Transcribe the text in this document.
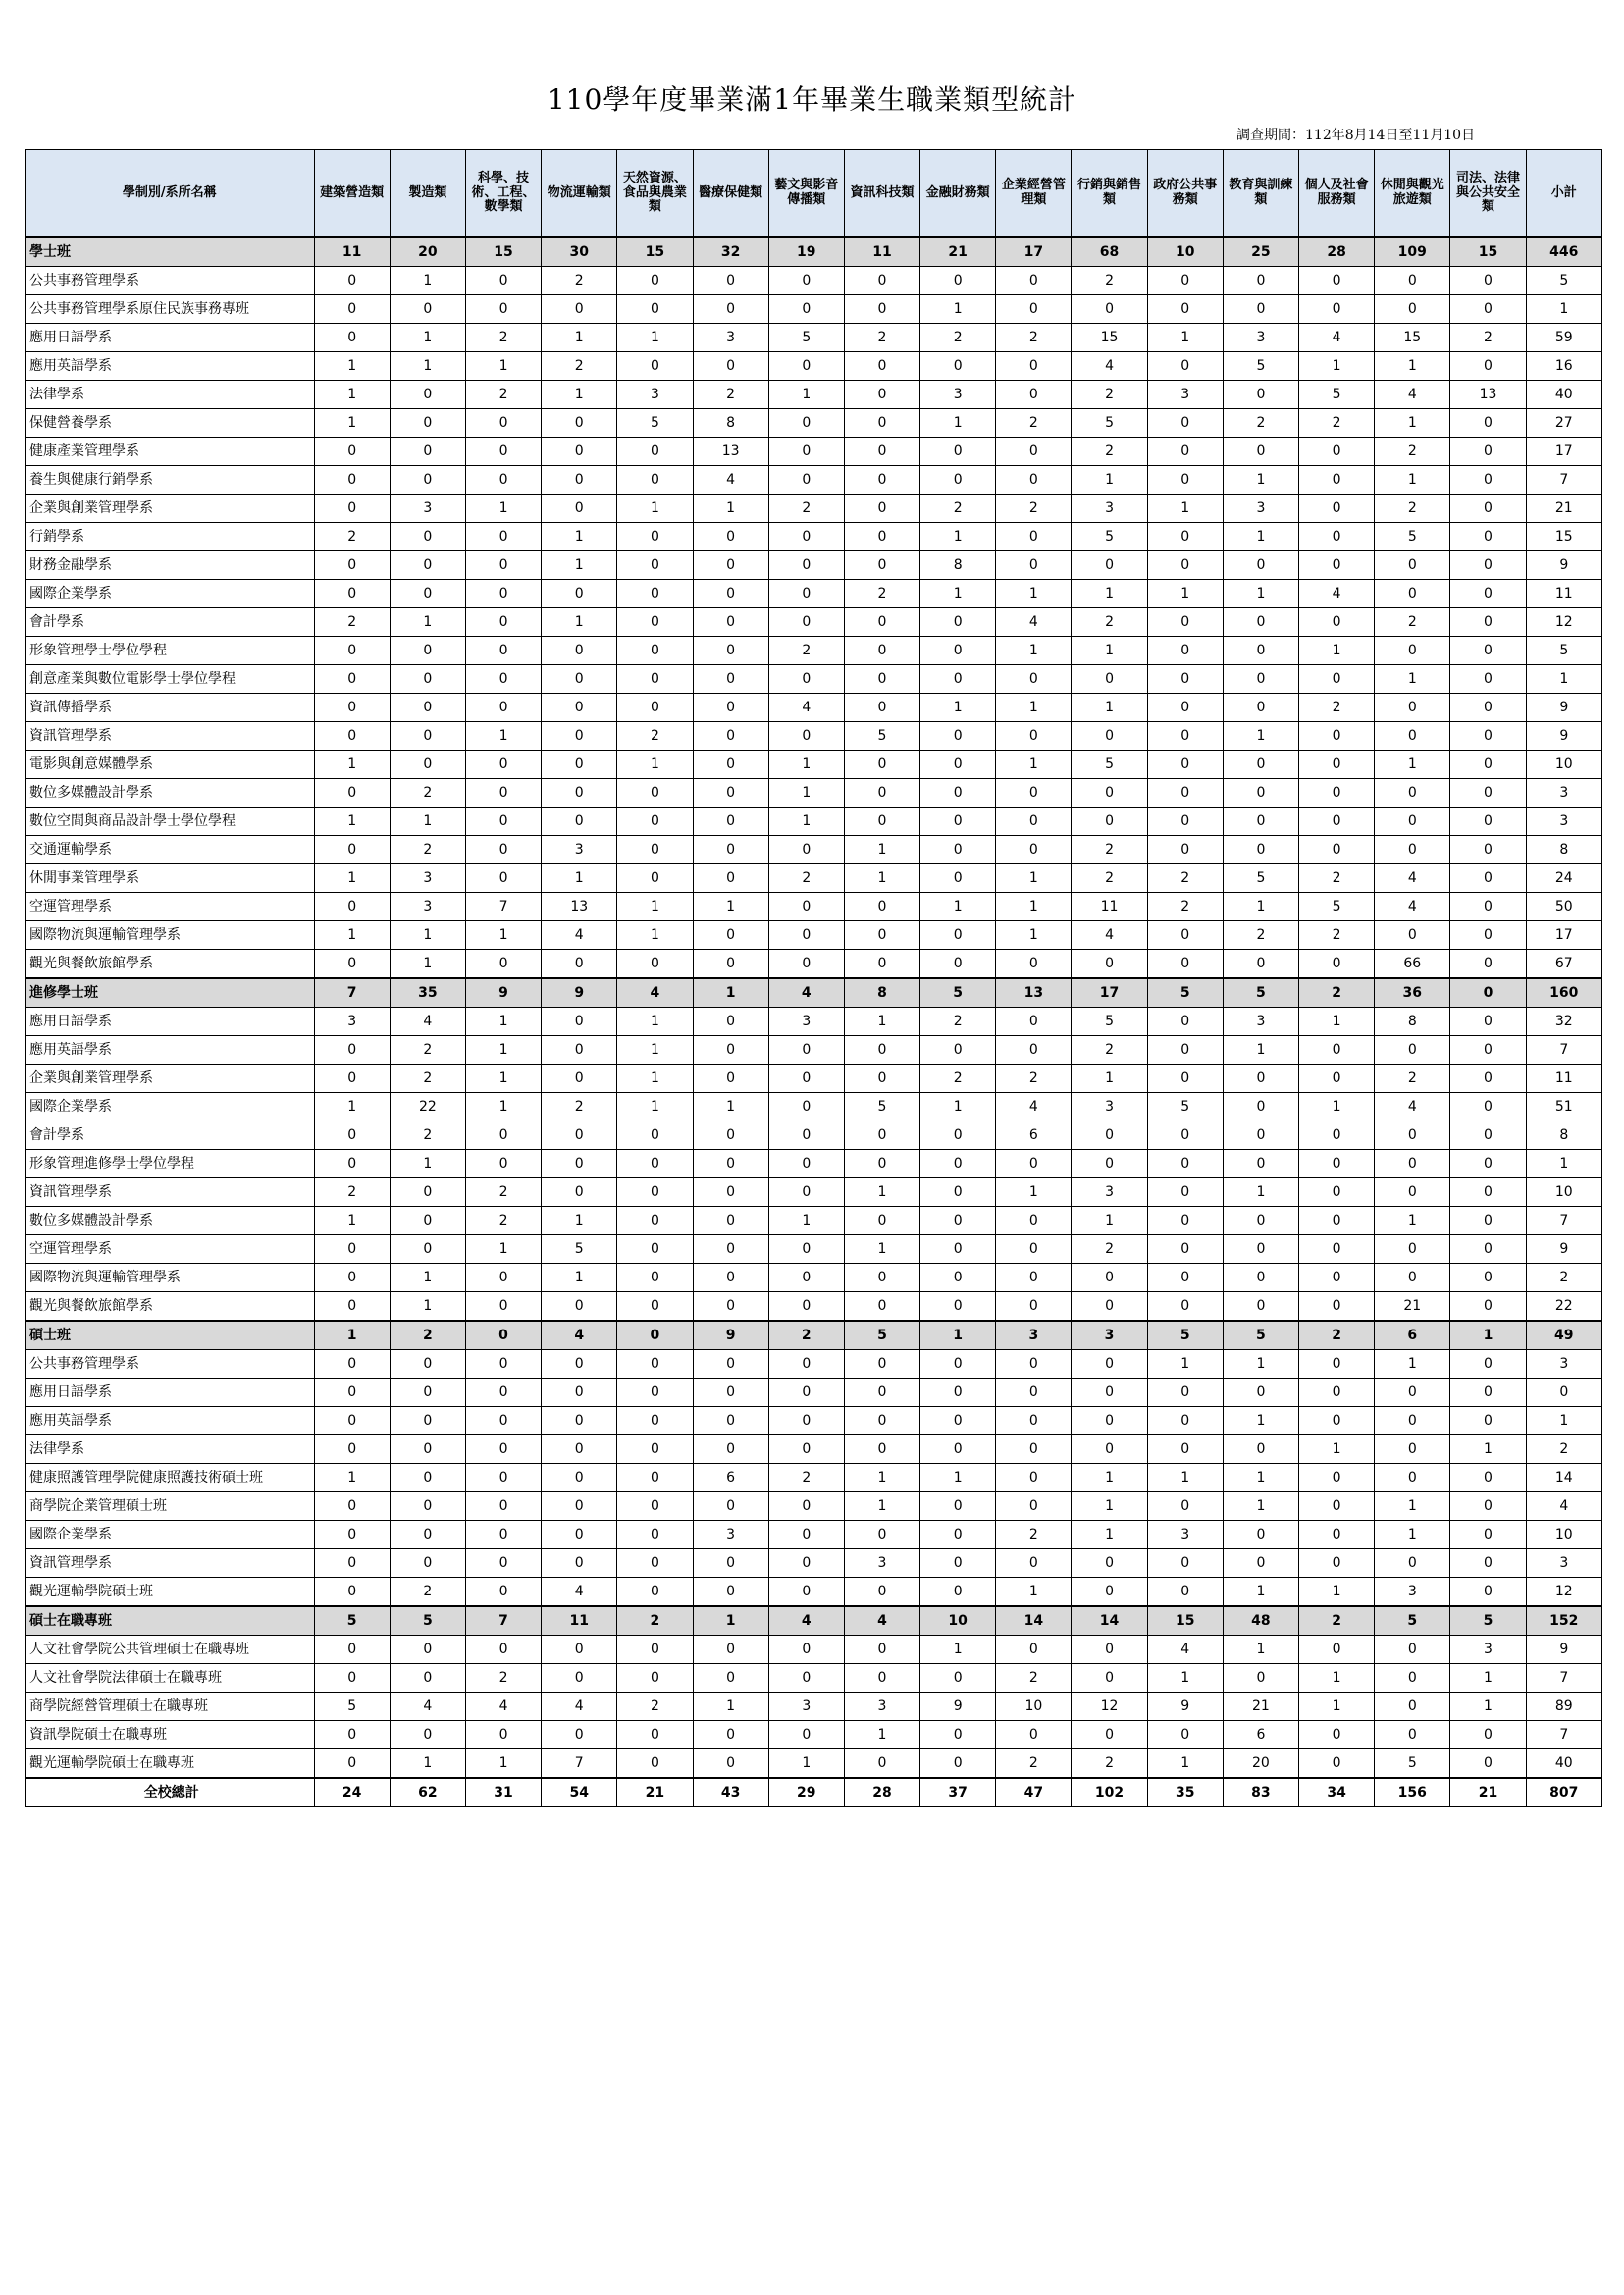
110學年度畢業滿1年畢業生職業類型統計
調查期間：112年8月14日至11月10日
學制別/系所名稱	建築營造類	製造類	科學、技術、工程、數學類	物流運輸類	天然資源、食品與農業類	醫療保健類	藝文與影音傳播類	資訊科技類	金融財務類	企業經營管理類	行銷與銷售類	政府公共事務類	教育與訓練類	個人及社會服務類	休閒與觀光旅遊類	司法、法律與公共安全類	小計
學士班	11	20	15	30	15	32	19	11	21	17	68	10	25	28	109	15	446
公共事務管理學系	0	1	0	2	0	0	0	0	0	0	2	0	0	0	0	0	5
公共事務管理學系原住民族事務專班	0	0	0	0	0	0	0	0	1	0	0	0	0	0	0	0	1
應用日語學系	0	1	2	1	1	3	5	2	2	2	15	1	3	4	15	2	59
應用英語學系	1	1	1	2	0	0	0	0	0	0	4	0	5	1	1	0	16
法律學系	1	0	2	1	3	2	1	0	3	0	2	3	0	5	4	13	40
保健營養學系	1	0	0	0	5	8	0	0	1	2	5	0	2	2	1	0	27
健康產業管理學系	0	0	0	0	0	13	0	0	0	0	2	0	0	0	2	0	17
養生與健康行銷學系	0	0	0	0	0	4	0	0	0	0	1	0	1	0	1	0	7
企業與創業管理學系	0	3	1	0	1	1	2	0	2	2	3	1	3	0	2	0	21
行銷學系	2	0	0	1	0	0	0	0	1	0	5	0	1	0	5	0	15
財務金融學系	0	0	0	1	0	0	0	0	8	0	0	0	0	0	0	0	9
國際企業學系	0	0	0	0	0	0	0	2	1	1	1	1	1	4	0	0	11
會計學系	2	1	0	1	0	0	0	0	0	4	2	0	0	0	2	0	12
形象管理學士學位學程	0	0	0	0	0	0	2	0	0	1	1	0	0	1	0	0	5
創意產業與數位電影學士學位學程	0	0	0	0	0	0	0	0	0	0	0	0	0	0	1	0	1
資訊傳播學系	0	0	0	0	0	0	4	0	1	1	1	0	0	2	0	0	9
資訊管理學系	0	0	1	0	2	0	0	5	0	0	0	0	1	0	0	0	9
電影與創意媒體學系	1	0	0	0	1	0	1	0	0	1	5	0	0	0	1	0	10
數位多媒體設計學系	0	2	0	0	0	0	1	0	0	0	0	0	0	0	0	0	3
數位空間與商品設計學士學位學程	1	1	0	0	0	0	1	0	0	0	0	0	0	0	0	0	3
交通運輸學系	0	2	0	3	0	0	0	1	0	0	2	0	0	0	0	0	8
休閒事業管理學系	1	3	0	1	0	0	2	1	0	1	2	2	5	2	4	0	24
空運管理學系	0	3	7	13	1	1	0	0	1	1	11	2	1	5	4	0	50
國際物流與運輸管理學系	1	1	1	4	1	0	0	0	0	1	4	0	2	2	0	0	17
觀光與餐飲旅館學系	0	1	0	0	0	0	0	0	0	0	0	0	0	0	66	0	67
進修學士班	7	35	9	9	4	1	4	8	5	13	17	5	5	2	36	0	160
應用日語學系	3	4	1	0	1	0	3	1	2	0	5	0	3	1	8	0	32
應用英語學系	0	2	1	0	1	0	0	0	0	0	2	0	1	0	0	0	7
企業與創業管理學系	0	2	1	0	1	0	0	0	2	2	1	0	0	0	2	0	11
國際企業學系	1	22	1	2	1	1	0	5	1	4	3	5	0	1	4	0	51
會計學系	0	2	0	0	0	0	0	0	0	6	0	0	0	0	0	0	8
形象管理進修學士學位學程	0	1	0	0	0	0	0	0	0	0	0	0	0	0	0	0	1
資訊管理學系	2	0	2	0	0	0	0	1	0	1	3	0	1	0	0	0	10
數位多媒體設計學系	1	0	2	1	0	0	1	0	0	0	1	0	0	0	1	0	7
空運管理學系	0	0	1	5	0	0	0	1	0	0	2	0	0	0	0	0	9
國際物流與運輸管理學系	0	1	0	1	0	0	0	0	0	0	0	0	0	0	0	0	2
觀光與餐飲旅館學系	0	1	0	0	0	0	0	0	0	0	0	0	0	0	21	0	22
碩士班	1	2	0	4	0	9	2	5	1	3	3	5	5	2	6	1	49
公共事務管理學系	0	0	0	0	0	0	0	0	0	0	0	1	1	0	1	0	3
應用日語學系	0	0	0	0	0	0	0	0	0	0	0	0	0	0	0	0	0
應用英語學系	0	0	0	0	0	0	0	0	0	0	0	0	1	0	0	0	1
法律學系	0	0	0	0	0	0	0	0	0	0	0	0	0	1	0	1	2
健康照護管理學院健康照護技術碩士班	1	0	0	0	0	6	2	1	1	0	1	1	1	0	0	0	14
商學院企業管理碩士班	0	0	0	0	0	0	0	1	0	0	1	0	1	0	1	0	4
國際企業學系	0	0	0	0	0	3	0	0	0	2	1	3	0	0	1	0	10
資訊管理學系	0	0	0	0	0	0	0	3	0	0	0	0	0	0	0	0	3
觀光運輸學院碩士班	0	2	0	4	0	0	0	0	0	1	0	0	1	1	3	0	12
碩士在職專班	5	5	7	11	2	1	4	4	10	14	14	15	48	2	5	5	152
人文社會學院公共管理碩士在職專班	0	0	0	0	0	0	0	0	1	0	0	4	1	0	0	3	9
人文社會學院法律碩士在職專班	0	0	2	0	0	0	0	0	0	2	0	1	0	1	0	1	7
商學院經營管理碩士在職專班	5	4	4	4	2	1	3	3	9	10	12	9	21	1	0	1	89
資訊學院碩士在職專班	0	0	0	0	0	0	0	1	0	0	0	0	6	0	0	0	7
觀光運輸學院碩士在職專班	0	1	1	7	0	0	1	0	0	2	2	1	20	0	5	0	40
全校總計	24	62	31	54	21	43	29	28	37	47	102	35	83	34	156	21	807
